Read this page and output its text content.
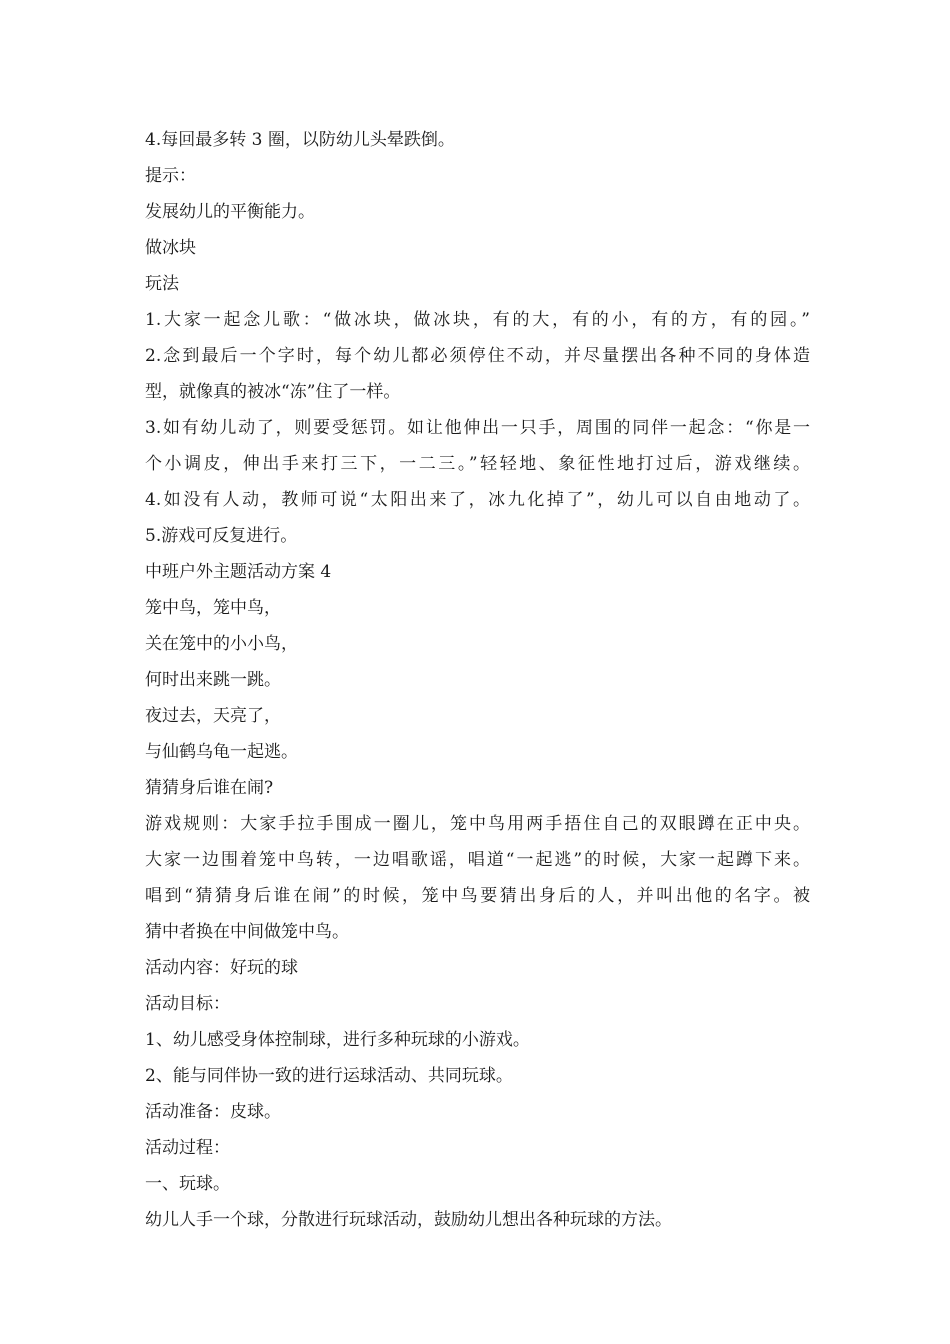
4.每回最多转 3 圈，以防幼儿头晕跌倒。
提示：
发展幼儿的平衡能力。
做冰块
玩法
1.大家一起念儿歌：“做冰块，做冰块，有的大，有的小，有的方，有的园。”
2.念到最后一个字时，每个幼儿都必须停住不动，并尽量摆出各种不同的身体造
型，就像真的被冰“冻”住了一样。
3.如有幼儿动了，则要受惩罚。如让他伸出一只手，周围的同伴一起念：“你是一
个小调皮，伸出手来打三下，一二三。”轻轻地、象征性地打过后，游戏继续。
4.如没有人动，教师可说“太阳出来了，冰九化掉了”，幼儿可以自由地动了。
5.游戏可反复进行。
中班户外主题活动方案 4
笼中鸟，笼中鸟，
关在笼中的小小鸟，
何时出来跳一跳。
夜过去，天亮了，
与仙鹤乌龟一起逃。
猜猜身后谁在闹?
游戏规则：大家手拉手围成一圈儿，笼中鸟用两手捂住自己的双眼蹲在正中央。
大家一边围着笼中鸟转，一边唱歌谣，唱道“一起逃”的时候，大家一起蹲下来。
唱到“猜猜身后谁在闹”的时候，笼中鸟要猜出身后的人，并叫出他的名字。被
猜中者换在中间做笼中鸟。
活动内容：好玩的球
活动目标：
1、幼儿感受身体控制球，进行多种玩球的小游戏。
2、能与同伴协一致的进行运球活动、共同玩球。
活动准备：皮球。
活动过程：
一、玩球。
幼儿人手一个球，分散进行玩球活动，鼓励幼儿想出各种玩球的方法。
